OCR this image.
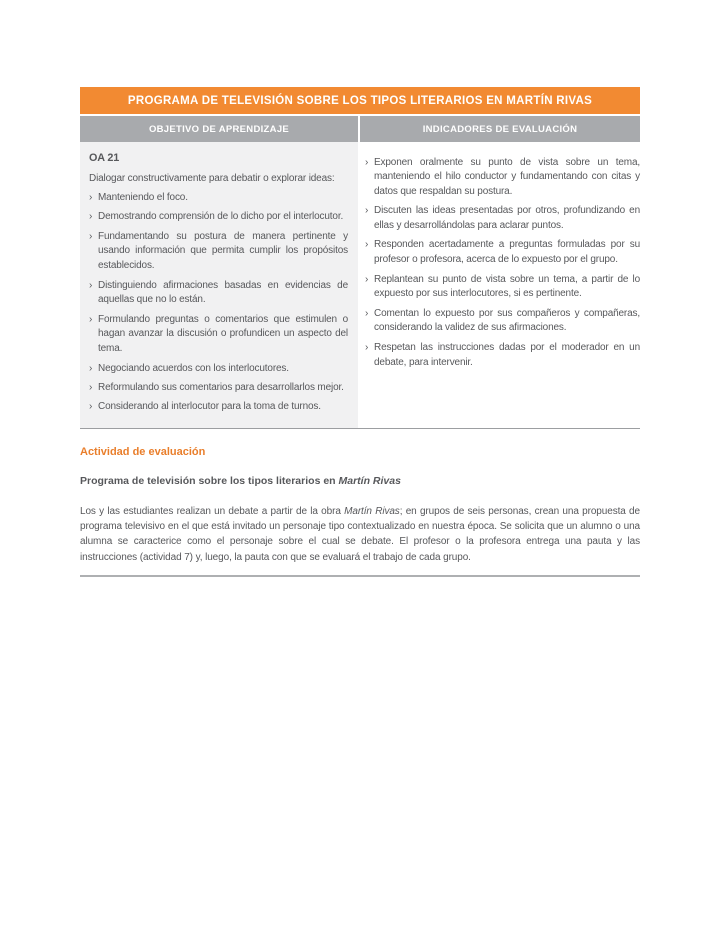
PROGRAMA DE TELEVISIÓN SOBRE LOS TIPOS LITERARIOS EN MARTÍN RIVAS
OBJETIVO DE APRENDIZAJE	INDICADORES DE EVALUACIÓN
OA 21
Dialogar constructivamente para debatir o explorar ideas:
› Manteniendo el foco.
› Demostrando comprensión de lo dicho por el interlocutor.
› Fundamentando su postura de manera pertinente y usando información que permita cumplir los propósitos establecidos.
› Distinguiendo afirmaciones basadas en evidencias de aquellas que no lo están.
› Formulando preguntas o comentarios que estimulen o hagan avanzar la discusión o profundicen un aspecto del tema.
› Negociando acuerdos con los interlocutores.
› Reformulando sus comentarios para desarrollarlos mejor.
› Considerando al interlocutor para la toma de turnos.
› Exponen oralmente su punto de vista sobre un tema, manteniendo el hilo conductor y fundamentando con citas y datos que respaldan su postura.
› Discuten las ideas presentadas por otros, profundizando en ellas y desarrollándolas para aclarar puntos.
› Responden acertadamente a preguntas formuladas por su profesor o profesora, acerca de lo expuesto por el grupo.
› Replantean su punto de vista sobre un tema, a partir de lo expuesto por sus interlocutores, si es pertinente.
› Comentan lo expuesto por sus compañeros y compañeras, considerando la validez de sus afirmaciones.
› Respetan las instrucciones dadas por el moderador en un debate, para intervenir.
Actividad de evaluación
Programa de televisión sobre los tipos literarios en Martín Rivas

Los y las estudiantes realizan un debate a partir de la obra Martín Rivas; en grupos de seis personas, crean una propuesta de programa televisivo en el que está invitado un personaje tipo contextualizado en nuestra época. Se solicita que un alumno o una alumna se caracterice como el personaje sobre el cual se debate. El profesor o la profesora entrega una pauta y las instrucciones (actividad 7) y, luego, la pauta con que se evaluará el trabajo de cada grupo.
